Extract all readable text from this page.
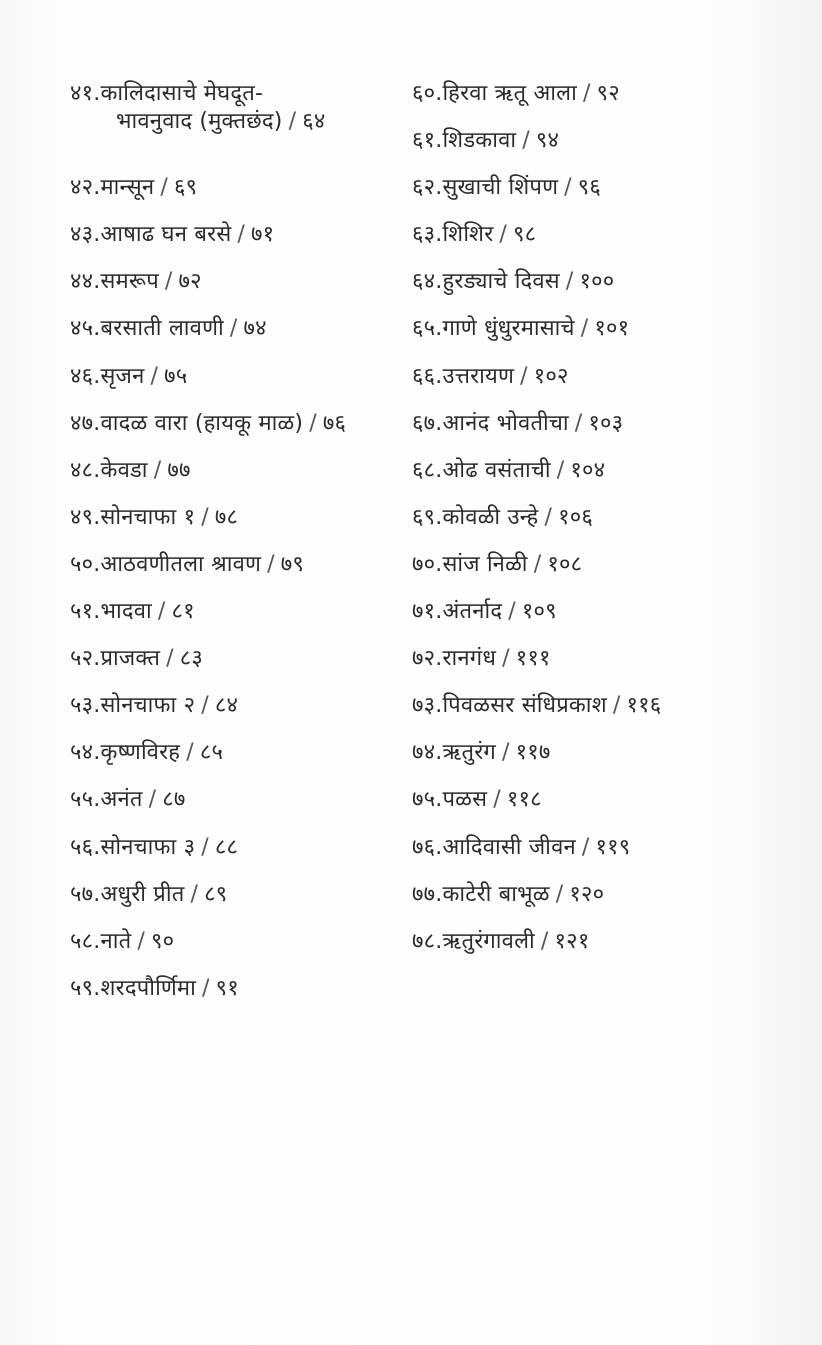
४१.कालिदासाचे मेघदूत-
भावनुवाद (मुक्तछंद) / ६४
४२.मान्सून / ६९
४३.आषाढ घन बरसे / ७१
४४.समरूप / ७२
४५.बरसाती लावणी / ७४
४६.सृजन / ७५
४७.वादळ वारा (हायकू माळ) / ७६
४८.केवडा / ७७
४९.सोनचाफा १ / ७८
५०.आठवणीतला श्रावण / ७९
५१.भादवा / ८१
५२.प्राजक्त / ८३
५३.सोनचाफा २ / ८४
५४.कृष्णविरह / ८५
५५.अनंत / ८७
५६.सोनचाफा ३ / ८८
५७.अधुरी प्रीत / ८९
५८.नाते / ९०
५९.शरदपौर्णिमा / ९१
६०.हिरवा ऋतू आला / ९२
६१.शिडकावा / ९४
६२.सुखाची शिंपण / ९६
६३.शिशिर / ९८
६४.हुरड्याचे दिवस / १००
६५.गाणे धुंधुरमासाचे / १०१
६६.उत्तरायण / १०२
६७.आनंद भोवतीचा / १०३
६८.ओढ वसंताची / १०४
६९.कोवळी उन्हे / १०६
७०.सांज निळी / १०८
७१.अंतर्नाद / १०९
७२.रानगंध / १११
७३.पिवळसर संधिप्रकाश / ११६
७४.ऋतुरंग / ११७
७५.पळस / ११८
७६.आदिवासी जीवन / ११९
७७.काटेरी बाभूळ / १२०
७८.ऋतुरंगावली / १२१
